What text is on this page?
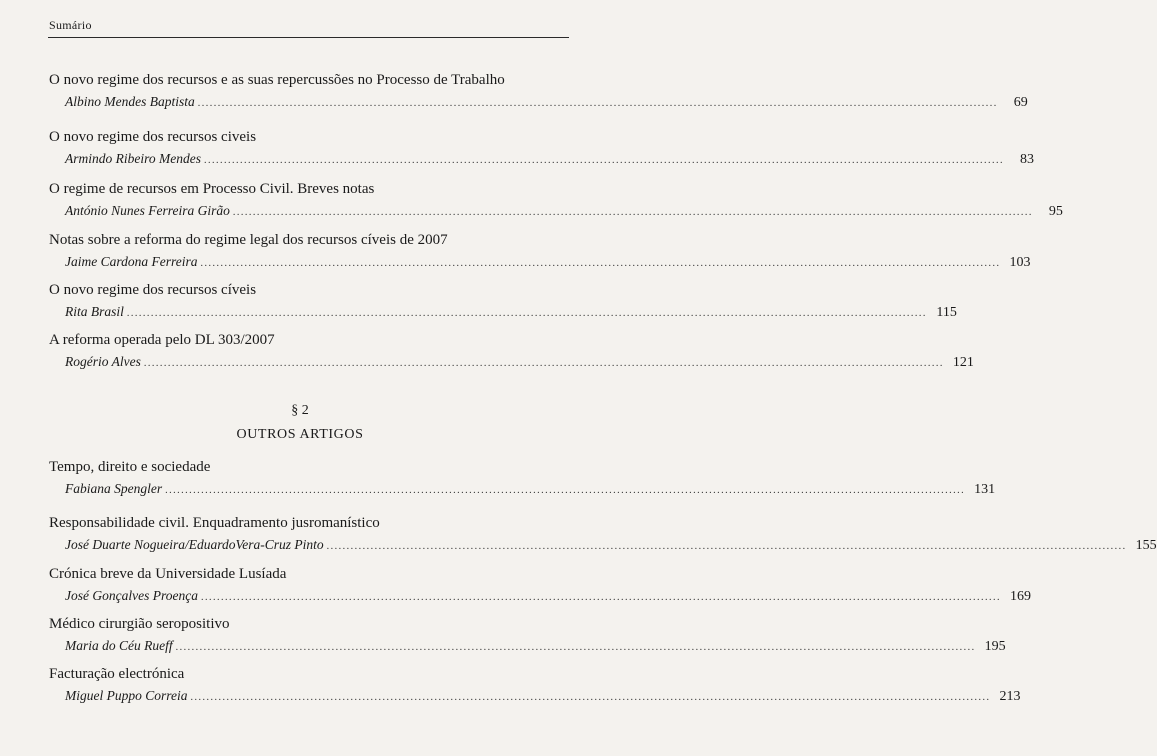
Sumário
O novo regime dos recursos e as suas repercussões no Processo de Trabalho
Albino Mendes Baptista ........................................................................................................................................................................................................	69
O novo regime dos recursos civeis
Armindo Ribeiro Mendes ........................................................................................................................................................................................................	83
O regime de recursos em Processo Civil. Breves notas
António Nunes Ferreira Girão ........................................................................................................................................................................................................	95
Notas sobre a reforma do regime legal dos recursos cíveis de 2007
Jaime Cardona Ferreira ........................................................................................................................................................................................................ 103
O novo regime dos recursos cíveis
Rita Brasil ........................................................................................................................................................................................................ 115
A reforma operada pelo DL 303/2007
Rogério Alves ........................................................................................................................................................................................................ 121
§ 2
OUTROS ARTIGOS
Tempo, direito e sociedade
Fabiana Spengler ........................................................................................................................................................................................................ 131
Responsabilidade civil. Enquadramento jusromanístico
José Duarte Nogueira/EduardoVera-Cruz Pinto ........................................................................................................................................................................................................ 155
Crónica breve da Universidade Lusíada
José Gonçalves Proença ........................................................................................................................................................................................................ 169
Médico cirurgião seropositivo
Maria do Céu Rueff ........................................................................................................................................................................................................ 195
Facturação electrónica
Miguel Puppo Correia ........................................................................................................................................................................................................ 213
